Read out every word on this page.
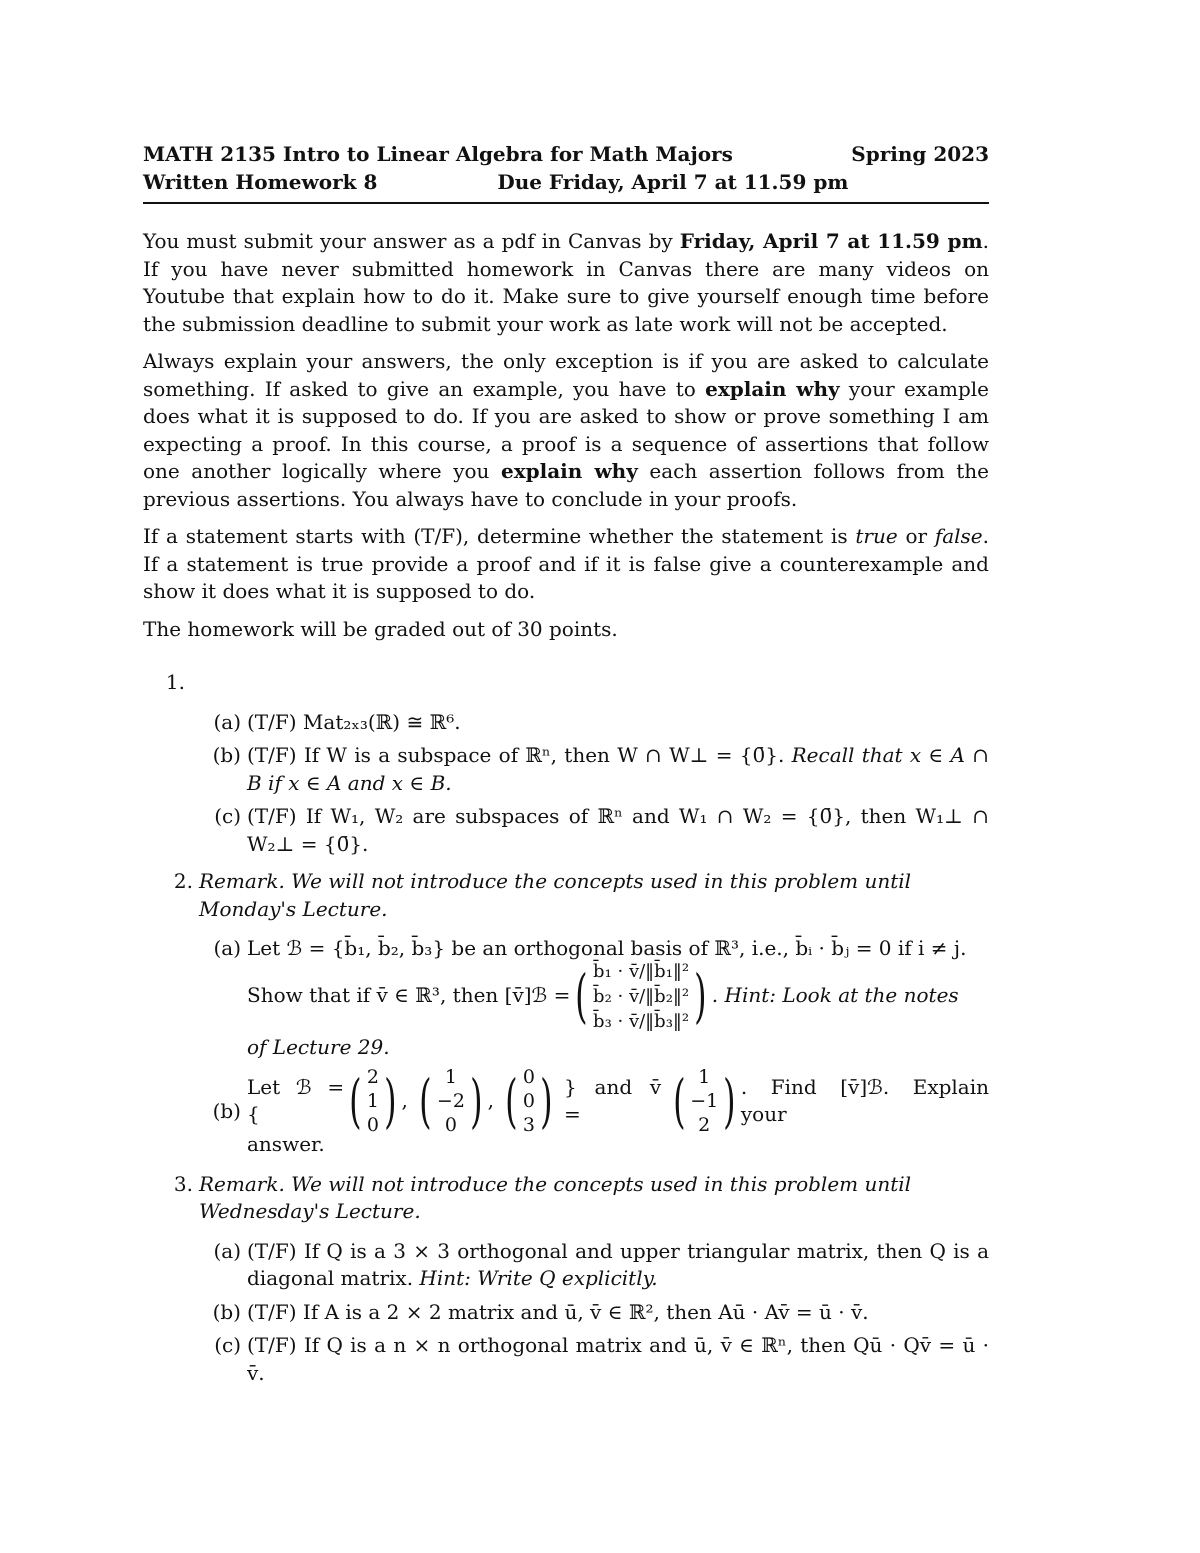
MATH 2135 Intro to Linear Algebra for Math Majors	Spring 2023
Written Homework 8	Due Friday, April 7 at 11.59 pm

You must submit your answer as a pdf in Canvas by Friday, April 7 at 11.59 pm. If you have never submitted homework in Canvas there are many videos on Youtube that explain how to do it. Make sure to give yourself enough time before the submission deadline to submit your work as late work will not be accepted.

Always explain your answers, the only exception is if you are asked to calculate something. If asked to give an example, you have to explain why your example does what it is supposed to do. If you are asked to show or prove something I am expecting a proof. In this course, a proof is a sequence of assertions that follow one another logically where you explain why each assertion follows from the previous assertions. You always have to conclude in your proofs.

If a statement starts with (T/F), determine whether the statement is true or false. If a statement is true provide a proof and if it is false give a counterexample and show it does what it is supposed to do.

The homework will be graded out of 30 points.

1.
(a) (T/F) Mat₂ₓ₃(ℝ) ≅ ℝ⁶.
(b) (T/F) If W is a subspace of ℝⁿ, then W ∩ W⊥ = {0̄}. Recall that x ∈ A ∩ B if x ∈ A and x ∈ B.
(c) (T/F) If W₁, W₂ are subspaces of ℝⁿ and W₁ ∩ W₂ = {0̄}, then W₁⊥ ∩ W₂⊥ = {0̄}.
2. Remark. We will not introduce the concepts used in this problem until Monday's Lecture.
(a) Let ℬ = {b̄₁, b̄₂, b̄₃} be an orthogonal basis of ℝ³, i.e., b̄ᵢ · b̄ⱼ = 0 if i ≠ j.
Show that if v̄ ∈ ℝ³, then [v̄]ℬ = ( b̄₁ · v̄/‖b̄₁‖²
b̄₂ · v̄/‖b̄₂‖²
b̄₃ · v̄/‖b̄₃‖² ) . Hint: Look at the notes
of Lecture 29.
(b)
Let ℬ = {	( 2
1
0 ) , ( 1
−2
0 ) , ( 0
0
3 )
} and v̄ =
	( 1
−1
2 ) . Find [v̄]ℬ. Explain your
answer.
3. Remark. We will not introduce the concepts used in this problem until Wednesday's Lecture.
(a) (T/F) If Q is a 3 × 3 orthogonal and upper triangular matrix, then Q is a diagonal matrix. Hint: Write Q explicitly.
(b) (T/F) If A is a 2 × 2 matrix and ū, v̄ ∈ ℝ², then Aū · Av̄ = ū · v̄.
(c) (T/F) If Q is a n × n orthogonal matrix and ū, v̄ ∈ ℝⁿ, then Qū · Qv̄ = ū · v̄.
